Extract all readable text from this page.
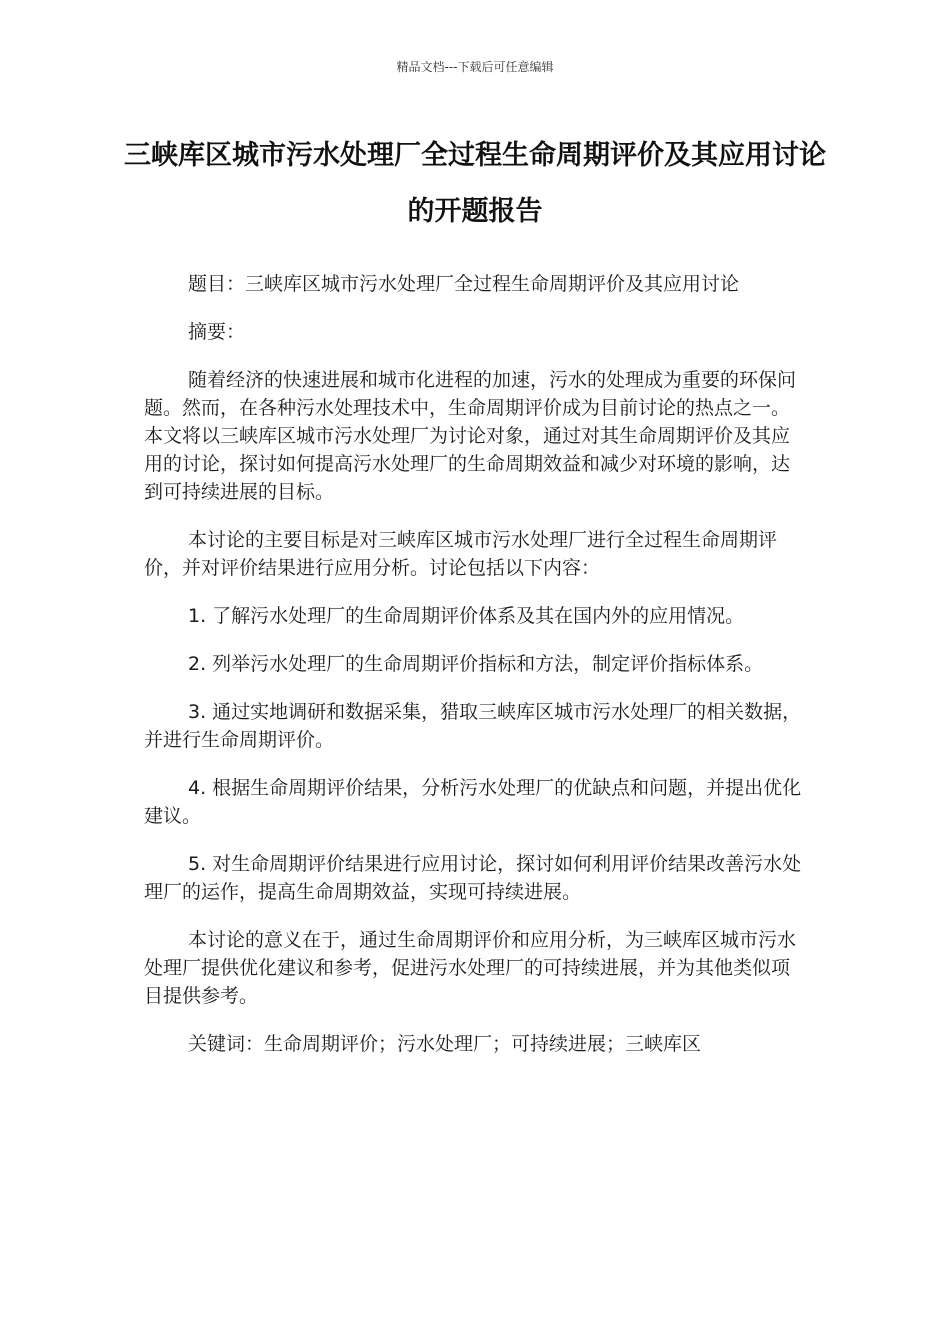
精品文档---下载后可任意编辑
三峡库区城市污水处理厂全过程生命周期评价及其应用讨论的开题报告

题目：三峡库区城市污水处理厂全过程生命周期评价及其应用讨论

摘要：

随着经济的快速进展和城市化进程的加速，污水的处理成为重要的环保问题。然而，在各种污水处理技术中，生命周期评价成为目前讨论的热点之一。本文将以三峡库区城市污水处理厂为讨论对象，通过对其生命周期评价及其应用的讨论，探讨如何提高污水处理厂的生命周期效益和减少对环境的影响，达到可持续进展的目标。

本讨论的主要目标是对三峡库区城市污水处理厂进行全过程生命周期评价，并对评价结果进行应用分析。讨论包括以下内容：

1. 了解污水处理厂的生命周期评价体系及其在国内外的应用情况。

2. 列举污水处理厂的生命周期评价指标和方法，制定评价指标体系。

3. 通过实地调研和数据采集，猎取三峡库区城市污水处理厂的相关数据，并进行生命周期评价。

4. 根据生命周期评价结果，分析污水处理厂的优缺点和问题，并提出优化建议。

5. 对生命周期评价结果进行应用讨论，探讨如何利用评价结果改善污水处理厂的运作，提高生命周期效益，实现可持续进展。

本讨论的意义在于，通过生命周期评价和应用分析，为三峡库区城市污水处理厂提供优化建议和参考，促进污水处理厂的可持续进展，并为其他类似项目提供参考。

关键词：生命周期评价；污水处理厂；可持续进展；三峡库区
